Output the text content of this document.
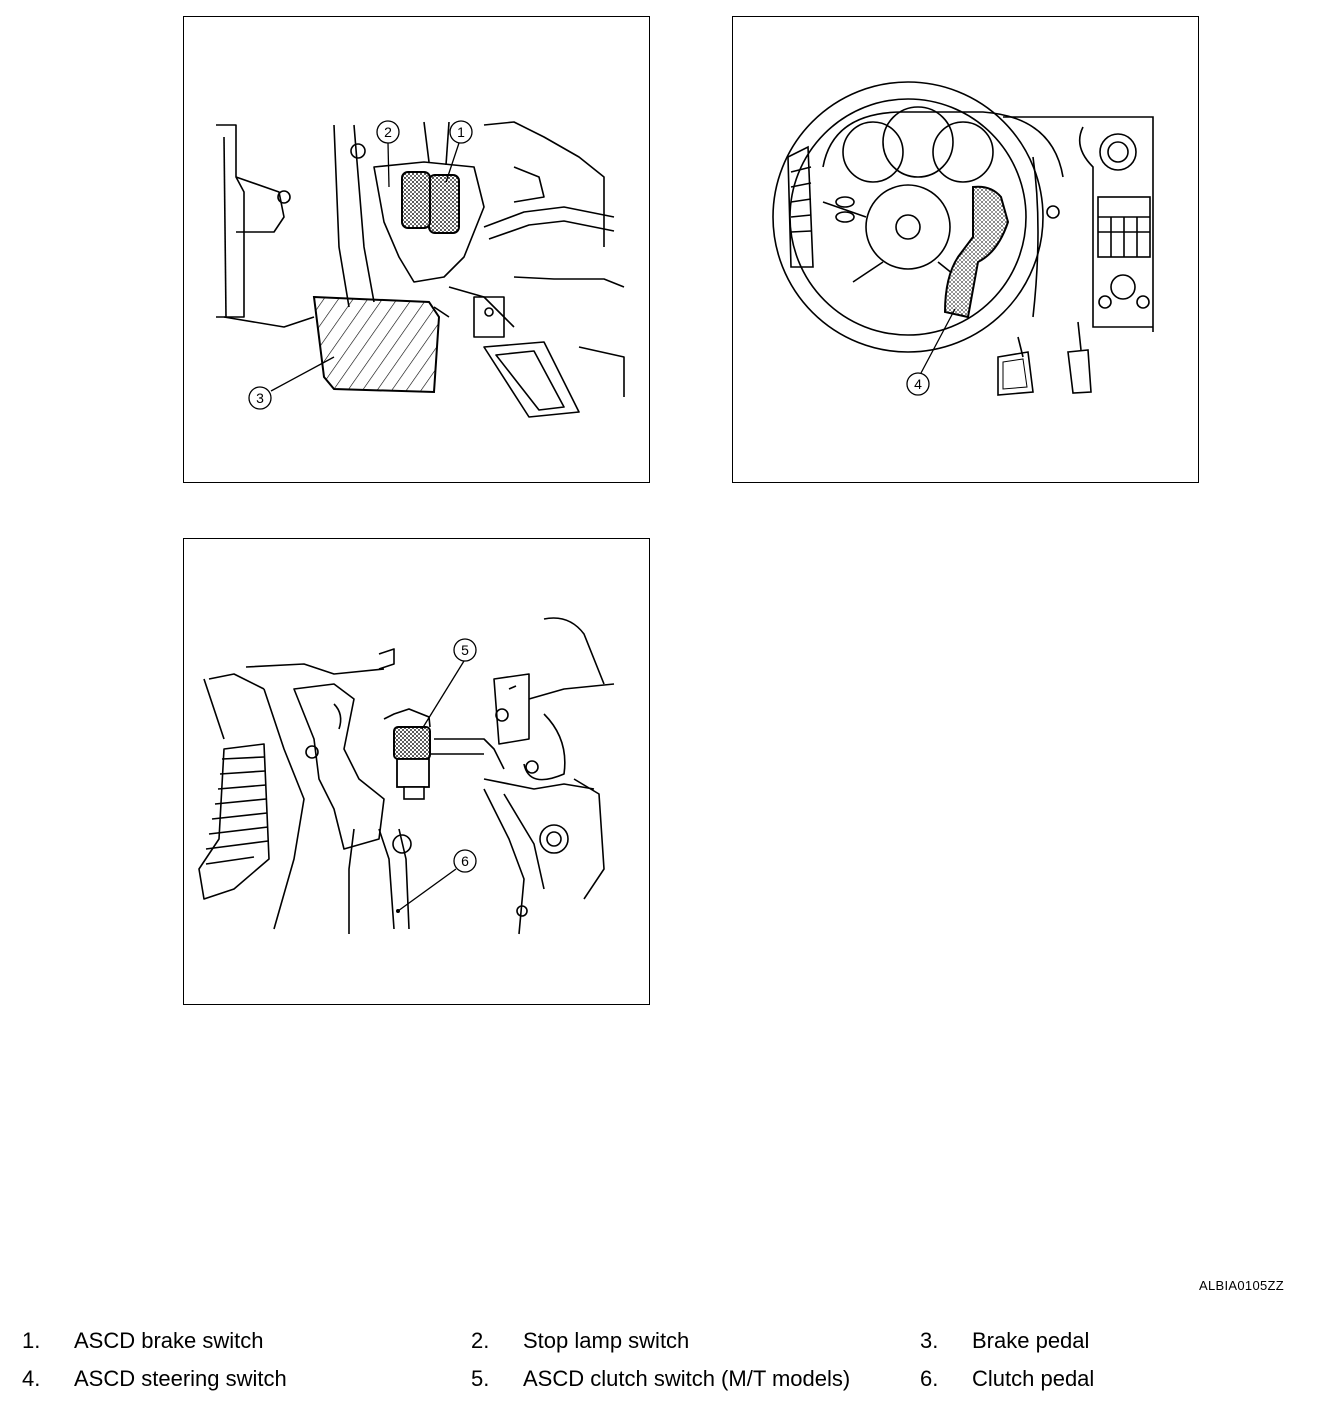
1
2
3
4
5
6
ALBIA0105ZZ
1. ASCD brake switch	2. Stop lamp switch	3. Brake pedal
4. ASCD steering switch	5. ASCD clutch switch (M/T models)	6. Clutch pedal
